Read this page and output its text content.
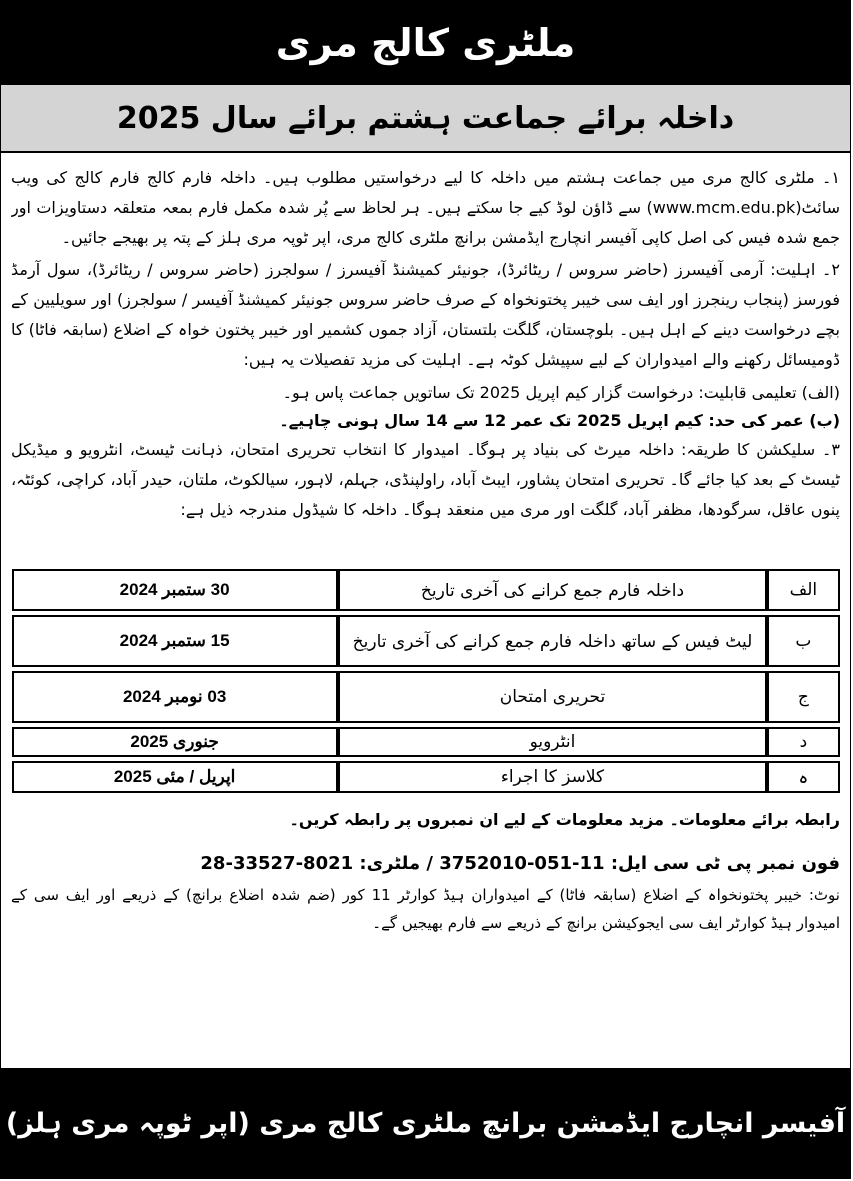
ملٹری کالج مری
داخلہ برائے جماعت ہشتم برائے سال 2025

۱۔ ملٹری کالج مری میں جماعت ہشتم میں داخلہ کا لیے درخواستیں مطلوب ہیں۔ داخلہ فارم کالج فارم کالج کی ویب سائٹ(www.mcm.edu.pk) سے ڈاؤن لوڈ کیے جا سکتے ہیں۔ ہر لحاظ سے پُر شدہ مکمل فارم بمعہ متعلقہ دستاویزات اور جمع شدہ فیس کی اصل کاپی آفیسر انچارج ایڈمشن برانچ ملٹری کالج مری، اپر ٹوپہ مری ہلز کے پتہ پر بھیجے جائیں۔

۲۔ اہلیت: آرمی آفیسرز (حاضر سروس / ریٹائرڈ)، جونیئر کمیشنڈ آفیسرز / سولجرز (حاضر سروس / ریٹائرڈ)، سول آرمڈ فورسز (پنجاب رینجرز اور ایف سی خیبر پختونخواہ کے صرف حاضر سروس جونیئر کمیشنڈ آفیسر / سولجرز) اور سویلیین کے بچے درخواست دینے کے اہل ہیں۔ بلوچستان، گلگت بلتستان، آزاد جموں کشمیر اور خیبر پختون خواہ کے اضلاع (سابقہ فاٹا) کا ڈومیسائل رکھنے والے امیدواران کے لیے سپیشل کوٹہ ہے۔ اہلیت کی مزید تفصیلات یہ ہیں:

(الف) تعلیمی قابلیت: درخواست گزار کیم اپریل 2025 تک ساتویں جماعت پاس ہو۔
(ب) عمر کی حد: کیم اپریل 2025 تک عمر 12 سے 14 سال ہونی چاہیے۔

۳۔ سلیکشن کا طریقہ: داخلہ میرٹ کی بنیاد پر ہوگا۔ امیدوار کا انتخاب تحریری امتحان، ذہانت ٹیسٹ، انٹرویو و میڈیکل ٹیسٹ کے بعد کیا جائے گا۔ تحریری امتحان پشاور، ایبٹ آباد، راولپنڈی، جہلم، لاہور، سیالکوٹ، ملتان، حیدر آباد، کراچی، کوئٹہ، پنوں عاقل، سرگودھا، مظفر آباد، گلگت اور مری میں منعقد ہوگا۔ داخلہ کا شیڈول مندرجہ ذیل ہے:

الف	داخلہ فارم جمع کرانے کی آخری تاریخ	30 ستمبر 2024
ب	لیٹ فیس کے ساتھ داخلہ فارم جمع کرانے کی آخری تاریخ	15 ستمبر 2024
ج	تحریری امتحان	03 نومبر 2024
د	انٹرویو	جنوری 2025
ہ	کلاسز کا اجراء	اپریل / مئی 2025
رابطہ برائے معلومات۔ مزید معلومات کے لیے ان نمبروں پر رابطہ کریں۔
فون نمبر پی ٹی سی ایل: 11-051-3752010 / ملٹری: 8021-33527-28
نوٹ: خیبر پختونخواہ کے اضلاع (سابقہ فاٹا) کے امیدواران ہیڈ کوارٹر 11 کور (ضم شدہ اضلاع برانچ) کے ذریعے اور ایف سی کے امیدوار ہیڈ کوارٹر ایف سی ایجوکیشن برانچ کے ذریعے سے فارم بھیجیں گے۔
آفیسر انچارج ایڈمشن برانچ ملٹری کالج مری (اپر ٹوپہ مری ہلز)
